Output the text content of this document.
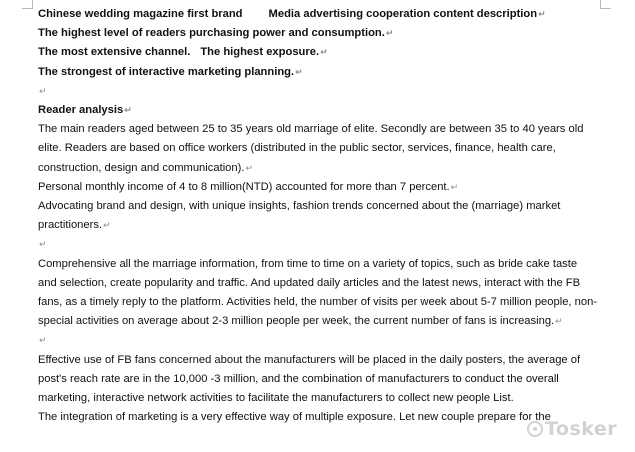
Chinese wedding magazine first brand Media advertising cooperation content description↵
The highest level of readers purchasing power and consumption.↵
The most extensive channel. The highest exposure.↵
The strongest of interactive marketing planning.↵
↵
Reader analysis↵
The main readers aged between 25 to 35 years old marriage of elite. Secondly are between 35 to 40 years old elite. Readers are based on office workers (distributed in the public sector, services, finance, health care, construction, design and communication).↵
Personal monthly income of 4 to 8 million(NTD) accounted for more than 7 percent.↵
Advocating brand and design, with unique insights, fashion trends concerned about the (marriage) market practitioners.↵
↵
Comprehensive all the marriage information, from time to time on a variety of topics, such as bride cake taste and selection, create popularity and traffic. And updated daily articles and the latest news, interact with the FB fans, as a timely reply to the platform. Activities held, the number of visits per week about 5-7 million people, non-special activities on average about 2-3 million people per week, the current number of fans is increasing.↵
↵
Effective use of FB fans concerned about the manufacturers will be placed in the daily posters, the average of post's reach rate are in the 10,000 -3 million, and the combination of manufacturers to conduct the overall marketing, interactive network activities to facilitate the manufacturers to collect new people List.
The integration of marketing is a very effective way of multiple exposure. Let new couple prepare for the
Tosker
